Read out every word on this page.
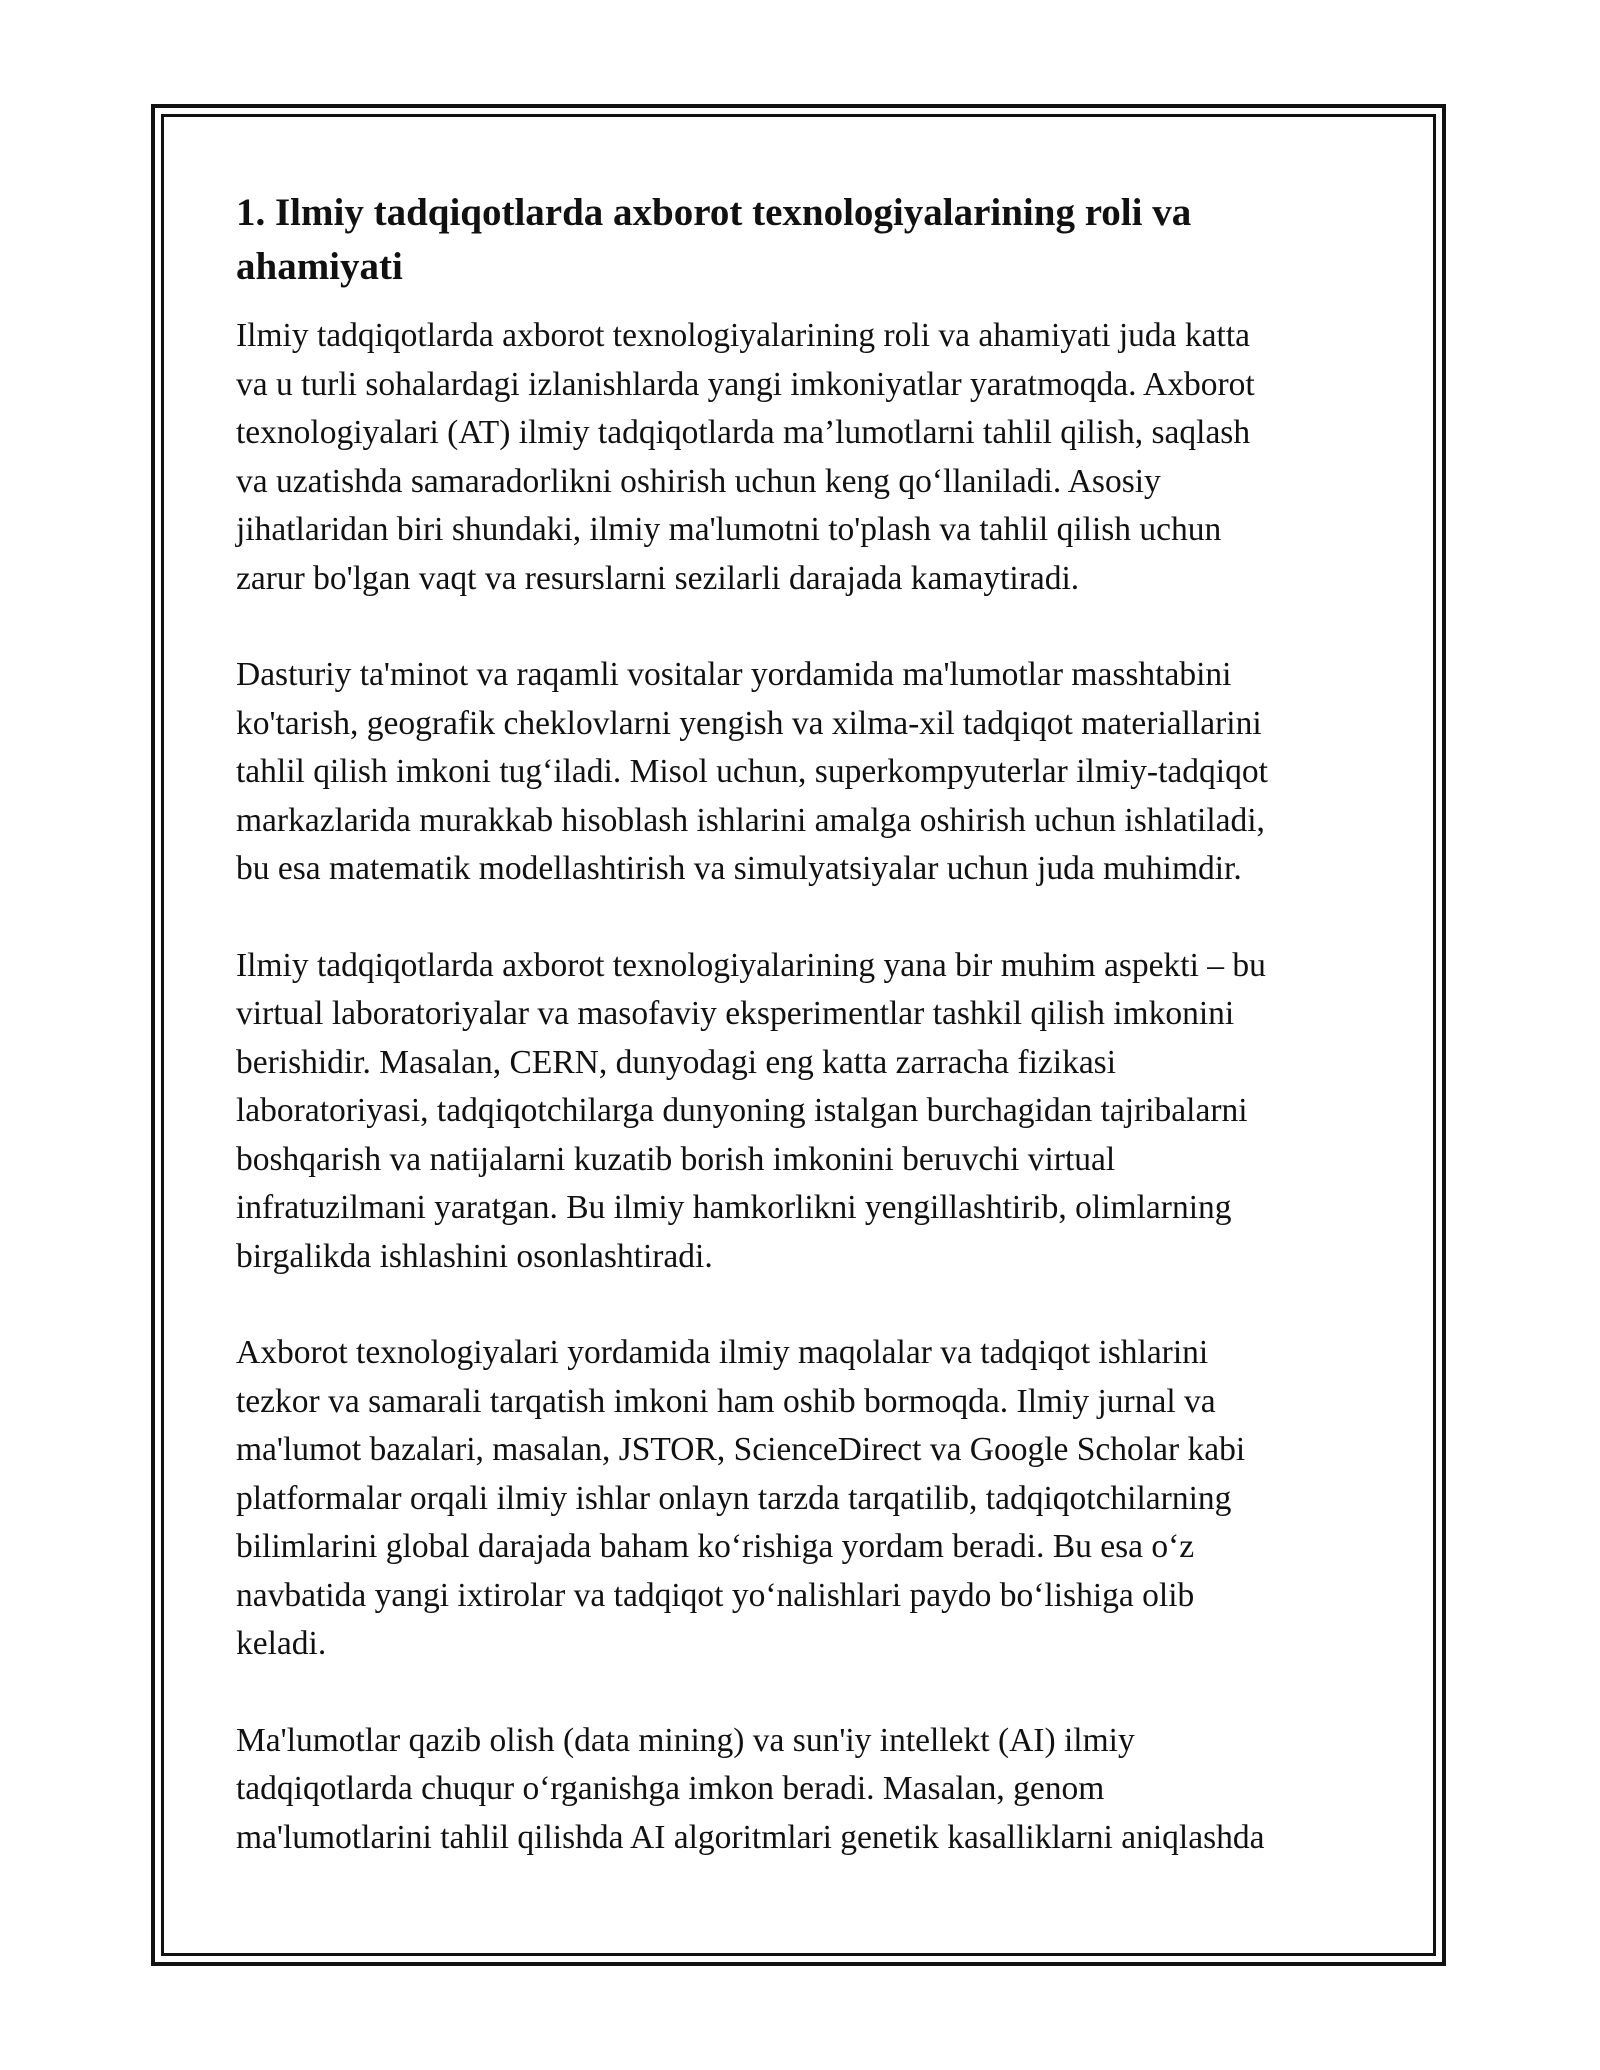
1. Ilmiy tadqiqotlarda axborot texnologiyalarining roli va
ahamiyati

Ilmiy tadqiqotlarda axborot texnologiyalarining roli va ahamiyati juda katta
va u turli sohalardagi izlanishlarda yangi imkoniyatlar yaratmoqda. Axborot
texnologiyalari (AT) ilmiy tadqiqotlarda ma’lumotlarni tahlil qilish, saqlash
va uzatishda samaradorlikni oshirish uchun keng qo‘llaniladi. Asosiy
jihatlaridan biri shundaki, ilmiy ma'lumotni to'plash va tahlil qilish uchun
zarur bo'lgan vaqt va resurslarni sezilarli darajada kamaytiradi.

Dasturiy ta'minot va raqamli vositalar yordamida ma'lumotlar masshtabini
ko'tarish, geografik cheklovlarni yengish va xilma-xil tadqiqot materiallarini
tahlil qilish imkoni tug‘iladi. Misol uchun, superkompyuterlar ilmiy-tadqiqot
markazlarida murakkab hisoblash ishlarini amalga oshirish uchun ishlatiladi,
bu esa matematik modellashtirish va simulyatsiyalar uchun juda muhimdir.

Ilmiy tadqiqotlarda axborot texnologiyalarining yana bir muhim aspekti – bu
virtual laboratoriyalar va masofaviy eksperimentlar tashkil qilish imkonini
berishidir. Masalan, CERN, dunyodagi eng katta zarracha fizikasi
laboratoriyasi, tadqiqotchilarga dunyoning istalgan burchagidan tajribalarni
boshqarish va natijalarni kuzatib borish imkonini beruvchi virtual
infratuzilmani yaratgan. Bu ilmiy hamkorlikni yengillashtirib, olimlarning
birgalikda ishlashini osonlashtiradi.

Axborot texnologiyalari yordamida ilmiy maqolalar va tadqiqot ishlarini
tezkor va samarali tarqatish imkoni ham oshib bormoqda. Ilmiy jurnal va
ma'lumot bazalari, masalan, JSTOR, ScienceDirect va Google Scholar kabi
platformalar orqali ilmiy ishlar onlayn tarzda tarqatilib, tadqiqotchilarning
bilimlarini global darajada baham ko‘rishiga yordam beradi. Bu esa o‘z
navbatida yangi ixtirolar va tadqiqot yo‘nalishlari paydo bo‘lishiga olib
keladi.

Ma'lumotlar qazib olish (data mining) va sun'iy intellekt (AI) ilmiy
tadqiqotlarda chuqur o‘rganishga imkon beradi. Masalan, genom
ma'lumotlarini tahlil qilishda AI algoritmlari genetik kasalliklarni aniqlashda
